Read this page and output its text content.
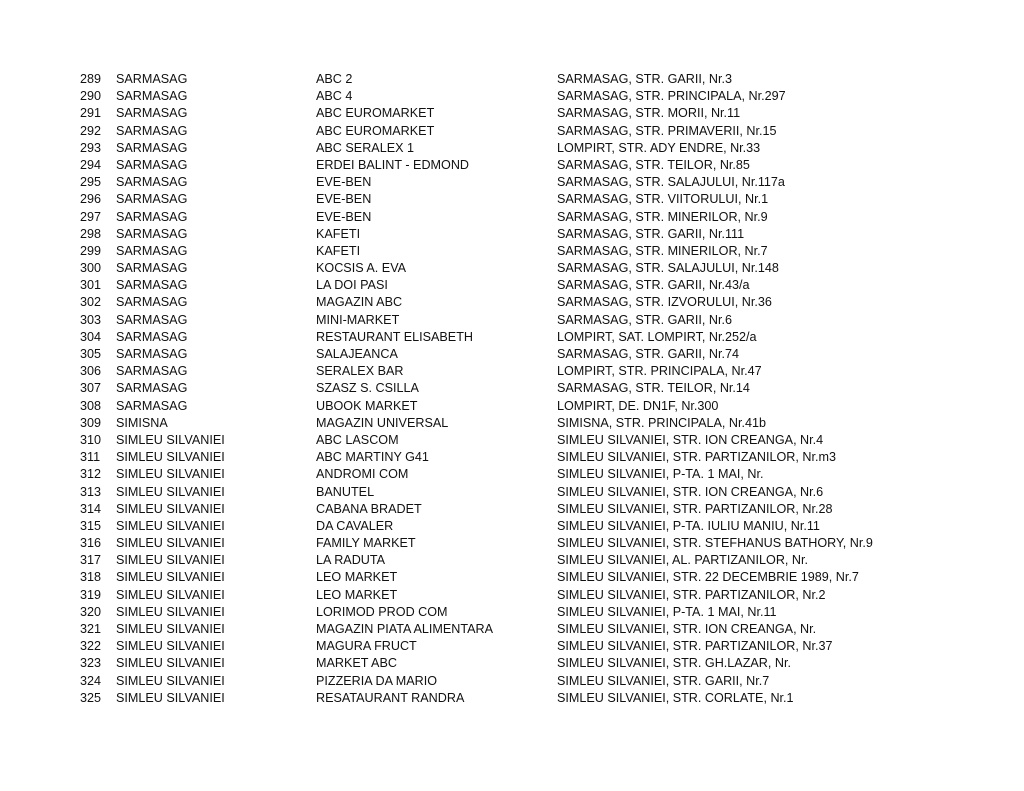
289	SARMASAG	ABC 2	SARMASAG, STR. GARII, Nr.3
290	SARMASAG	ABC 4	SARMASAG, STR. PRINCIPALA, Nr.297
291	SARMASAG	ABC EUROMARKET	SARMASAG, STR. MORII, Nr.11
292	SARMASAG	ABC EUROMARKET	SARMASAG, STR. PRIMAVERII, Nr.15
293	SARMASAG	ABC SERALEX 1	LOMPIRT, STR. ADY ENDRE, Nr.33
294	SARMASAG	ERDEI BALINT - EDMOND	SARMASAG, STR. TEILOR, Nr.85
295	SARMASAG	EVE-BEN	SARMASAG, STR. SALAJULUI, Nr.117a
296	SARMASAG	EVE-BEN	SARMASAG, STR. VIITORULUI, Nr.1
297	SARMASAG	EVE-BEN	SARMASAG, STR. MINERILOR, Nr.9
298	SARMASAG	KAFETI	SARMASAG, STR. GARII, Nr.111
299	SARMASAG	KAFETI	SARMASAG, STR. MINERILOR, Nr.7
300	SARMASAG	KOCSIS A. EVA	SARMASAG, STR. SALAJULUI, Nr.148
301	SARMASAG	LA DOI PASI	SARMASAG, STR. GARII, Nr.43/a
302	SARMASAG	MAGAZIN ABC	SARMASAG, STR. IZVORULUI, Nr.36
303	SARMASAG	MINI-MARKET	SARMASAG, STR. GARII, Nr.6
304	SARMASAG	RESTAURANT ELISABETH	LOMPIRT, SAT. LOMPIRT, Nr.252/a
305	SARMASAG	SALAJEANCA	SARMASAG, STR. GARII, Nr.74
306	SARMASAG	SERALEX BAR	LOMPIRT, STR. PRINCIPALA, Nr.47
307	SARMASAG	SZASZ S. CSILLA	SARMASAG, STR. TEILOR, Nr.14
308	SARMASAG	UBOOK MARKET	LOMPIRT, DE. DN1F, Nr.300
309	SIMISNA	MAGAZIN UNIVERSAL	SIMISNA, STR. PRINCIPALA, Nr.41b
310	SIMLEU SILVANIEI	ABC LASCOM	SIMLEU SILVANIEI, STR. ION CREANGA, Nr.4
311	SIMLEU SILVANIEI	ABC MARTINY G41	SIMLEU SILVANIEI, STR. PARTIZANILOR, Nr.m3
312	SIMLEU SILVANIEI	ANDROMI COM	SIMLEU SILVANIEI, P-TA. 1 MAI, Nr.
313	SIMLEU SILVANIEI	BANUTEL	SIMLEU SILVANIEI, STR. ION CREANGA, Nr.6
314	SIMLEU SILVANIEI	CABANA BRADET	SIMLEU SILVANIEI, STR. PARTIZANILOR, Nr.28
315	SIMLEU SILVANIEI	DA CAVALER	SIMLEU SILVANIEI, P-TA. IULIU MANIU, Nr.11
316	SIMLEU SILVANIEI	FAMILY MARKET	SIMLEU SILVANIEI, STR. STEFHANUS BATHORY, Nr.9
317	SIMLEU SILVANIEI	LA RADUTA	SIMLEU SILVANIEI, AL. PARTIZANILOR, Nr.
318	SIMLEU SILVANIEI	LEO MARKET	SIMLEU SILVANIEI, STR. 22 DECEMBRIE 1989, Nr.7
319	SIMLEU SILVANIEI	LEO MARKET	SIMLEU SILVANIEI, STR. PARTIZANILOR, Nr.2
320	SIMLEU SILVANIEI	LORIMOD PROD COM	SIMLEU SILVANIEI, P-TA. 1 MAI, Nr.11
321	SIMLEU SILVANIEI	MAGAZIN PIATA ALIMENTARA	SIMLEU SILVANIEI, STR. ION CREANGA, Nr.
322	SIMLEU SILVANIEI	MAGURA FRUCT	SIMLEU SILVANIEI, STR. PARTIZANILOR, Nr.37
323	SIMLEU SILVANIEI	MARKET ABC	SIMLEU SILVANIEI, STR. GH.LAZAR, Nr.
324	SIMLEU SILVANIEI	PIZZERIA DA MARIO	SIMLEU SILVANIEI, STR. GARII, Nr.7
325	SIMLEU SILVANIEI	RESATAURANT RANDRA	SIMLEU SILVANIEI, STR. CORLATE, Nr.1
